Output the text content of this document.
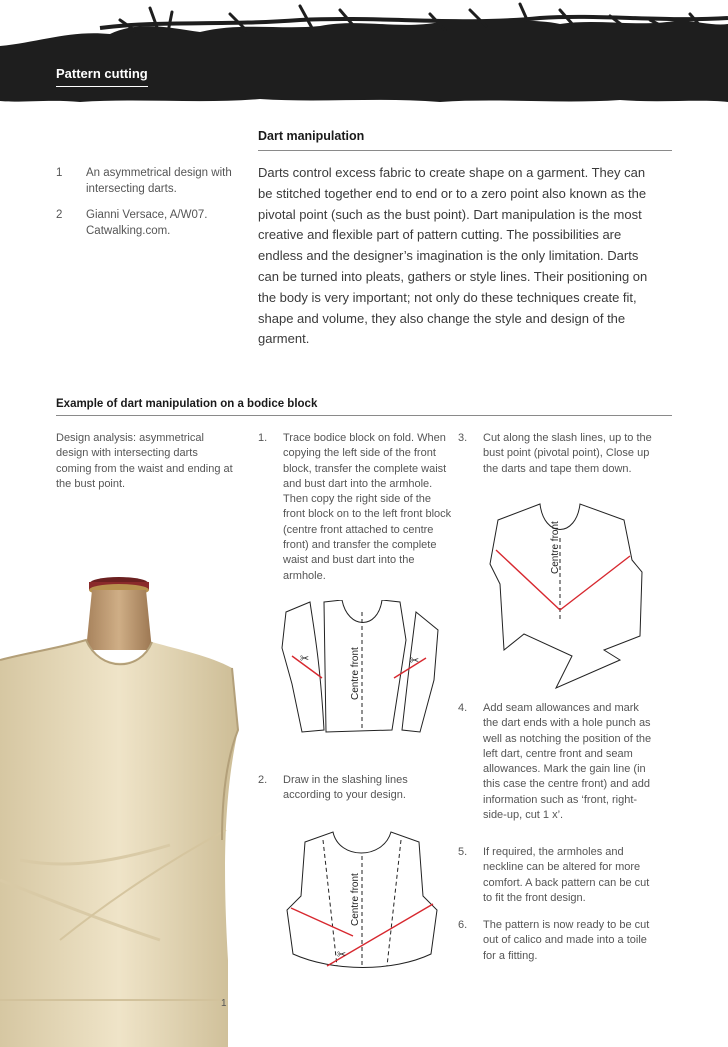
Pattern cutting
Dart manipulation
1	An asymmetrical design with intersecting darts.
2	Gianni Versace, A/W07. Catwalking.com.

Darts control excess fabric to create shape on a garment. They can be stitched together end to end or to a zero point also known as the pivotal point (such as the bust point). Dart manipulation is the most creative and flexible part of pattern cutting. The possibilities are endless and the designer’s imagination is the only limitation. Darts can be turned into pleats, gathers or style lines. Their positioning on the body is very important; not only do these techniques create fit, shape and volume, they also change the style and design of the garment.

Example of dart manipulation on a bodice block

Design analysis: asymmetrical design with intersecting darts coming from the waist and ending at the bust point.

1.	Trace bodice block on fold. When copying the left side of the front block, transfer the complete waist and bust dart into the armhole. Then copy the right side of the front block on to the left front block (centre front attached to centre front) and transfer the complete waist and bust dart into the armhole.
2.	Draw in the slashing lines according to your design.
3.	Cut along the slash lines, up to the bust point (pivotal point), Close up the darts and tape them down.
4.	Add seam allowances and mark the dart ends with a hole punch as well as notching the position of the left dart, centre front and seam allowances. Mark the gain line (in this case the centre front) and add information such as ‘front, right-side-up, cut 1 x’.
5.	If required, the armholes and neckline can be altered for more comfort. A back pattern can be cut to fit the front design.
6.	The pattern is now ready to be cut out of calico and made into a toile for a fitting.
✂	✂
Centre front
✂
Centre front
Centre front
1
